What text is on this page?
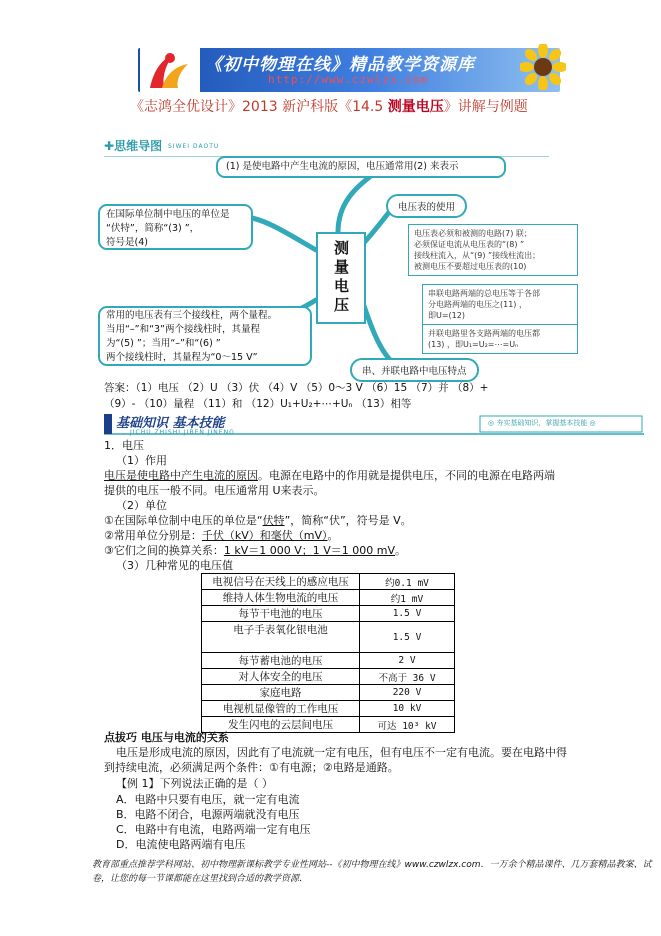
《初中物理在线》精品教学资源库
http://www.czwlzx.com
《志鸿全优设计》2013 新沪科版《14.5 测量电压》讲解与例题
✚思维导图 SIWEI DAOTU
(1) 是使电路中产生电流的原因，电压通常用(2) 来表示
在国际单位制中电压的单位是
“伏特”，简称“(3) ”，
符号是(4)
常用的电压表有三个接线柱，两个量程。
当用“–”和“3”两个接线柱时，其量程
为“(5) ”；当用“–”和“(6) ”
两个接线柱时，其量程为“0～15 V”
测量电压
电压表的使用
电压表必须和被测的电路(7) 联；
必须保证电流从电压表的“(8) ”
接线柱流入，从“(9) ”接线柱流出；
被测电压不要超过电压表的(10)
串联电路两端的总电压等于各部
分电路两端的电压之(11) ，
即U=(12)
并联电路里各支路两端的电压都
(13) ，即U₁=U₂=⋯=Uₙ
串、并联电路中电压特点
答案：（1）电压 （2）U （3）伏 （4）V （5）0～3 V （6）15 （7）并 （8）+
（9）- （10）量程 （11）和 （12）U₁+U₂+⋯+Uₙ （13）相等
基础知识 基本技能
JICHU ZHISHI JIBEN JINENG
◎ 夯实基础知识，掌握基本技能 ◎
1．电压
（1）作用
电压是使电路中产生电流的原因。电源在电路中的作用就是提供电压，不同的电源在电路两端
提供的电压一般不同。电压通常用 U来表示。
（2）单位
①在国际单位制中电压的单位是“伏特”，简称“伏”，符号是 V。
②常用单位分别是：千伏（kV）和毫伏（mV）。
③它们之间的换算关系：1 kV＝1 000 V；1 V＝1 000 mV。
（3）几种常见的电压值
电视信号在天线上的感应电压	约0.1 mV
维持人体生物电流的电压	约1 mV
每节干电池的电压	1.5 V
电子手表氧化银电池	1.5 V
每节蓄电池的电压	2 V
对人体安全的电压	不高于 36 V
家庭电路	220 V
电视机显像管的工作电压	10 kV
发生闪电的云层间电压	可达 10³ kV
点拔巧 电压与电流的关系
电压是形成电流的原因，因此有了电流就一定有电压，但有电压不一定有电流。要在电路中得
到持续电流，必须满足两个条件：①有电源；②电路是通路。
【例 1】下列说法正确的是（ ）
A．电路中只要有电压，就一定有电流
B．电路不闭合，电源两端就没有电压
C．电路中有电流，电路两端一定有电压
D．电流使电路两端有电压
教育部重点推荐学科网站、初中物理新课标教学专业性网站--《初中物理在线》www.czwlzx.com．一万余个精品课件、几万套精品教案、试卷，让您的每一节课都能在这里找到合适的教学资源．
